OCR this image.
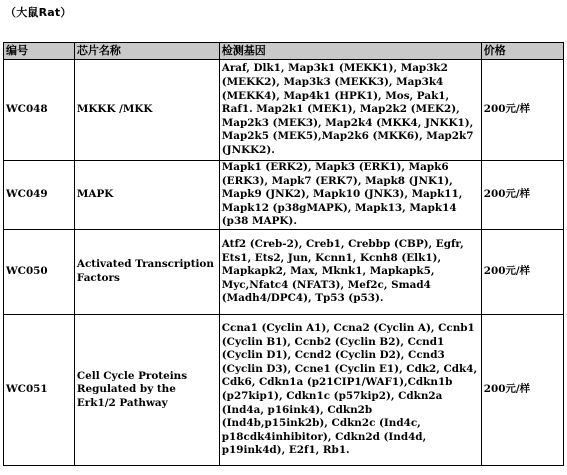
（大鼠Rat）
编号	芯片名称	检测基因	价格
WC048	MKKK /MKK	Araf, Dlk1, Map3k1 (MEKK1), Map3k2 (MEKK2), Map3k3 (MEKK3), Map3k4 (MEKK4), Map4k1 (HPK1), Mos, Pak1, Raf1. Map2k1 (MEK1), Map2k2 (MEK2), Map2k3 (MEK3), Map2k4 (MKK4, JNKK1), Map2k5 (MEK5),Map2k6 (MKK6), Map2k7 (JNKK2).	200元/样
WC049	MAPK	Mapk1 (ERK2), Mapk3 (ERK1), Mapk6 (ERK3), Mapk7 (ERK7), Mapk8 (JNK1), Mapk9 (JNK2), Mapk10 (JNK3), Mapk11, Mapk12 (p38gMAPK), Mapk13, Mapk14 (p38 MAPK).	200元/样
WC050	Activated Transcription Factors	Atf2 (Creb-2), Creb1, Crebbp (CBP), Egfr, Ets1, Ets2, Jun, Kcnn1, Kcnh8 (Elk1), Mapkapk2, Max, Mknk1, Mapkapk5, Myc,Nfatc4 (NFAT3), Mef2c, Smad4 (Madh4/DPC4), Tp53 (p53).	200元/样
WC051	Cell Cycle Proteins Regulated by the Erk1/2 Pathway	Ccna1 (Cyclin A1), Ccna2 (Cyclin A), Ccnb1 (Cyclin B1), Ccnb2 (Cyclin B2), Ccnd1 (Cyclin D1), Ccnd2 (Cyclin D2), Ccnd3 (Cyclin D3), Ccne1 (Cyclin E1), Cdk2, Cdk4, Cdk6, Cdkn1a (p21CIP1/WAF1),Cdkn1b (p27kip1), Cdkn1c (p57kip2), Cdkn2a (Ind4a, p16ink4), Cdkn2b (Ind4b,p15ink2b), Cdkn2c (Ind4c, p18cdk4inhibitor), Cdkn2d (Ind4d, p19ink4d), E2f1, Rb1.	200元/样
